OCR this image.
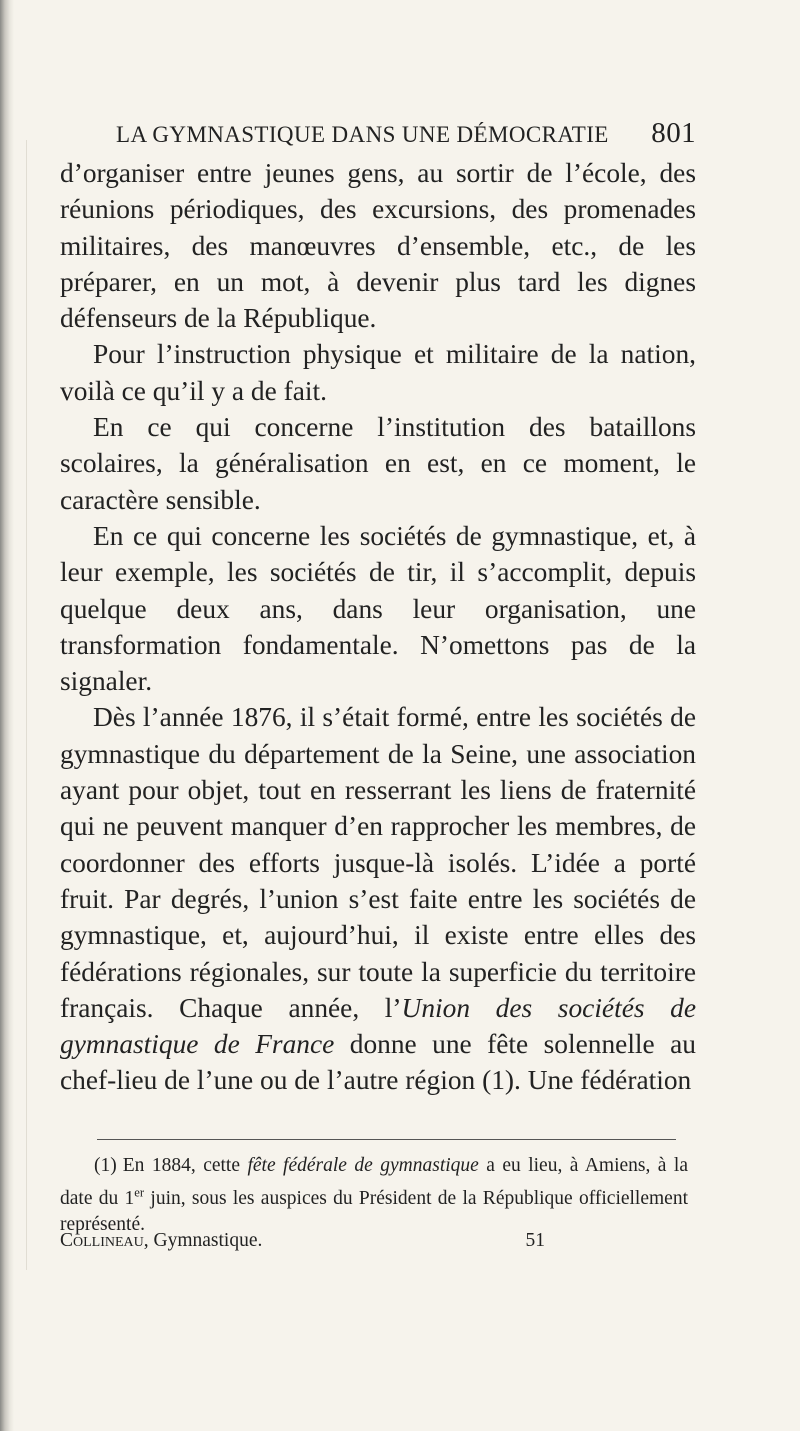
LA GYMNASTIQUE DANS UNE DÉMOCRATIE 801

d’organiser entre jeunes gens, au sortir de l’école, des réunions périodiques, des excursions, des promenades militaires, des manœuvres d’ensemble, etc., de les préparer, en un mot, à devenir plus tard les dignes défenseurs de la République.

Pour l’instruction physique et militaire de la nation, voilà ce qu’il y a de fait.

En ce qui concerne l’institution des bataillons scolaires, la généralisation en est, en ce moment, le caractère sensible.

En ce qui concerne les sociétés de gymnastique, et, à leur exemple, les sociétés de tir, il s’accomplit, depuis quelque deux ans, dans leur organisation, une transformation fondamentale. N’omettons pas de la signaler.

Dès l’année 1876, il s’était formé, entre les sociétés de gymnastique du département de la Seine, une association ayant pour objet, tout en resserrant les liens de fraternité qui ne peuvent manquer d’en rapprocher les membres, de coordonner des efforts jusque-là isolés. L’idée a porté fruit. Par degrés, l’union s’est faite entre les sociétés de gymnastique, et, aujourd’hui, il existe entre elles des fédérations régionales, sur toute la superficie du territoire français. Chaque année, l’Union des sociétés de gymnastique de France donne une fête solennelle au chef-lieu de l’une ou de l’autre région (1). Une fédération

(1) En 1884, cette fête fédérale de gymnastique a eu lieu, à Amiens, à la date du 1er juin, sous les auspices du Président de la République officiellement représenté.
Collineau, Gymnastique.	51
